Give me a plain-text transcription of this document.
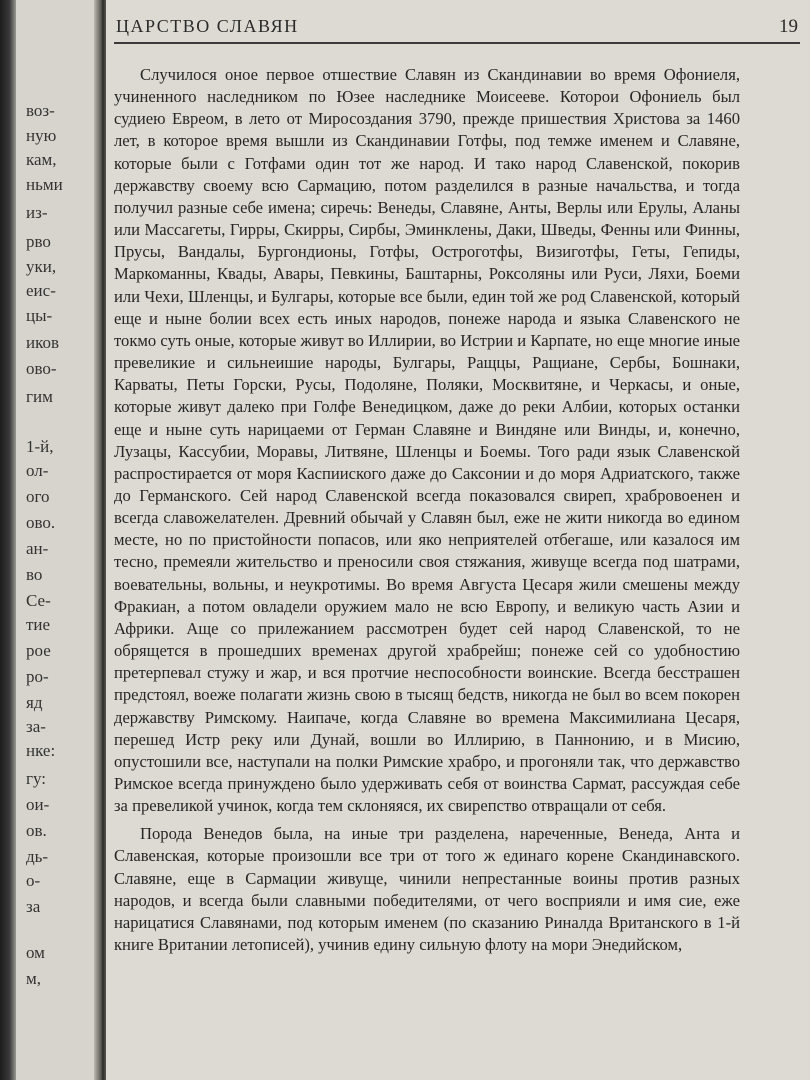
воз-
ную
кам,
ньми
из-
рво
уки,
еис-
цы-
иков
ово-
гим
1-й,
ол-
ого
ово.
ан-
во
Се-
тие
рое
ро-
яд
за-
нке:
гу:
ои-
ов.
дь-
о-
за
ом
м,
ЦАРСТВО СЛАВЯН	19

Случилося оное первое отшествие Славян из Скандинавии во время Офониеля, учиненного наследником по Юзее наследнике Моисееве. Которои Офониель был судиею Евреом, в лето от Миросоздания 3790, прежде пришествия Христова за 1460 лет, в которое время вышли из Скандинавии Готфы, под темже именем и Славяне, которые были с Готфами один тот же народ. И тако народ Славенской, покорив державству своему всю Сармацию, потом разделился в разные начальства, и тогда получил разные себе имена; сиречь: Венеды, Славяне, Анты, Верлы или Ерулы, Аланы или Массагеты, Гирры, Скирры, Сирбы, Эминклены, Даки, Шведы, Фенны или Финны, Прусы, Вандалы, Бургондионы, Готфы, Остроготфы, Визиготфы, Геты, Гепиды, Маркоманны, Квады, Авары, Певкины, Баштарны, Роксоляны или Руси, Ляхи, Боеми или Чехи, Шленцы, и Булгары, которые все были, един той же род Славенской, который еще и ныне болии всех есть иных народов, понеже народа и языка Славенского не токмо суть оные, которые живут во Иллирии, во Истрии и Карпате, но еще многие иные превеликие и сильнеишие народы, Булгары, Ращцы, Ращиане, Сербы, Бошнаки, Карваты, Петы Горски, Русы, Подоляне, Поляки, Москвитяне, и Черкасы, и оные, которые живут далеко при Голфе Венедицком, даже до реки Албии, которых останки еще и ныне суть нарицаеми от Герман Славяне и Виндяне или Винды, и, конечно, Лузацы, Кассубии, Моравы, Литвяне, Шленцы и Боемы. Того ради язык Славенской распростирается от моря Каспииского даже до Саксонии и до моря Адриатского, также до Германского. Сей народ Славенской всегда показовался свиреп, храбровоенен и всегда славожелателен. Древний обычай у Славян был, еже не жити никогда во едином месте, но по пристойности попасов, или яко неприятелей отбегаше, или казалося им тесно, премеяли жительство и преносили своя стяжания, живуще всегда под шатрами, воевательны, вольны, и неукротимы. Во время Августа Цесаря жили смешены между Фракиан, а потом овладели оружием мало не всю Европу, и великую часть Азии и Африки. Аще со прилежанием рассмотрен будет сей народ Славенской, то не обрящется в прошедших временах другой храбрейш; понеже сей со удобностию претерпевал стужу и жар, и вся протчие неспособности воинские. Всегда бесстрашен предстоял, воеже полагати жизнь свою в тысящ бедств, никогда не был во всем покорен державству Римскому. Наипаче, когда Славяне во времена Максимилиана Цесаря, перешед Истр реку или Дунай, вошли во Иллирию, в Паннонию, и в Мисию, опустошили все, наступали на полки Римские храбро, и прогоняли так, что державство Римское всегда принуждено было удерживать себя от воинства Сармат, рассуждая себе за превеликой учинок, когда тем склоняяся, их свирепство отвращали от себя.

Порода Венедов была, на иные три разделена, нареченные, Венеда, Анта и Славенская, которые произошли все три от того ж единаго корене Скандинавского. Славяне, еще в Сармации живуще, чинили непрестанные воины против разных народов, и всегда были славными победителями, от чего восприяли и имя сие, еже нарицатися Славянами, под которым именем (по сказанию Риналда Вританского в 1-й книге Вритании летописей), учинив едину сильную флоту на мори Энедийском,
